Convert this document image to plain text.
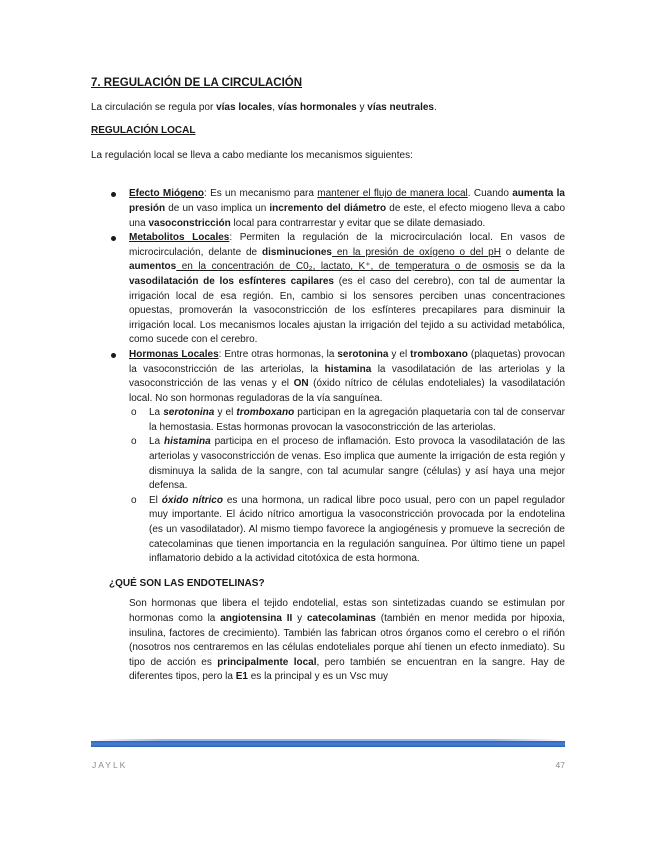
7. REGULACIÓN DE LA CIRCULACIÓN

La circulación se regula por vías locales, vías hormonales y vías neutrales.

REGULACIÓN LOCAL

La regulación local se lleva a cabo mediante los mecanismos siguientes:

Efecto Miógeno: Es un mecanismo para mantener el flujo de manera local. Cuando aumenta la presión de un vaso implica un incremento del diámetro de este, el efecto miogeno lleva a cabo una vasoconstricción local para contrarrestar y evitar que se dilate demasiado.
Metabolitos Locales: Permiten la regulación de la microcirculación local. En vasos de microcirculación, delante de disminuciones en la presión de oxígeno o del pH o delante de aumentos en la concentración de C0₂, lactato, K⁺, de temperatura o de osmosis se da la vasodilatación de los esfínteres capilares (es el caso del cerebro), con tal de aumentar la irrigación local de esa región. En, cambio si los sensores perciben unas concentraciones opuestas, promoverán la vasoconstricción de los esfínteres precapilares para disminuir la irrigación local. Los mecanismos locales ajustan la irrigación del tejido a su actividad metabólica, como sucede con el cerebro.
Hormonas Locales: Entre otras hormonas, la serotonina y el tromboxano (plaquetas) provocan la vasoconstricción de las arteriolas, la histamina la vasodilatación de las arteriolas y la vasoconstricción de las venas y el ON (óxido nítrico de células endoteliales) la vasodilatación local. No son hormonas reguladoras de la vía sanguínea.
o La serotonina y el tromboxano participan en la agregación plaquetaria con tal de conservar la hemostasia. Estas hormonas provocan la vasoconstricción de las arteriolas.
o La histamina participa en el proceso de inflamación. Esto provoca la vasodilatación de las arteriolas y vasoconstricción de venas. Eso implica que aumente la irrigación de esta región y disminuya la salida de la sangre, con tal acumular sangre (células) y así haya una mejor defensa.
o El óxido nítrico es una hormona, un radical libre poco usual, pero con un papel regulador muy importante. El ácido nítrico amortigua la vasoconstricción provocada por la endotelina (es un vasodilatador). Al mismo tiempo favorece la angiogénesis y promueve la secreción de catecolaminas que tienen importancia en la regulación sanguínea. Por último tiene un papel inflamatorio debido a la actividad citotóxica de esta hormona.
¿QUÉ SON LAS ENDOTELINAS?

Son hormonas que libera el tejido endotelial, estas son sintetizadas cuando se estimulan por hormonas como la angiotensina II y catecolaminas (también en menor medida por hipoxia, insulina, factores de crecimiento). También las fabrican otros órganos como el cerebro o el riñón (nosotros nos centraremos en las células endoteliales porque ahí tienen un efecto inmediato). Su tipo de acción es principalmente local, pero también se encuentran en la sangre. Hay de diferentes tipos, pero la E1 es la principal y es un Vsc muy

JAYLK	47
